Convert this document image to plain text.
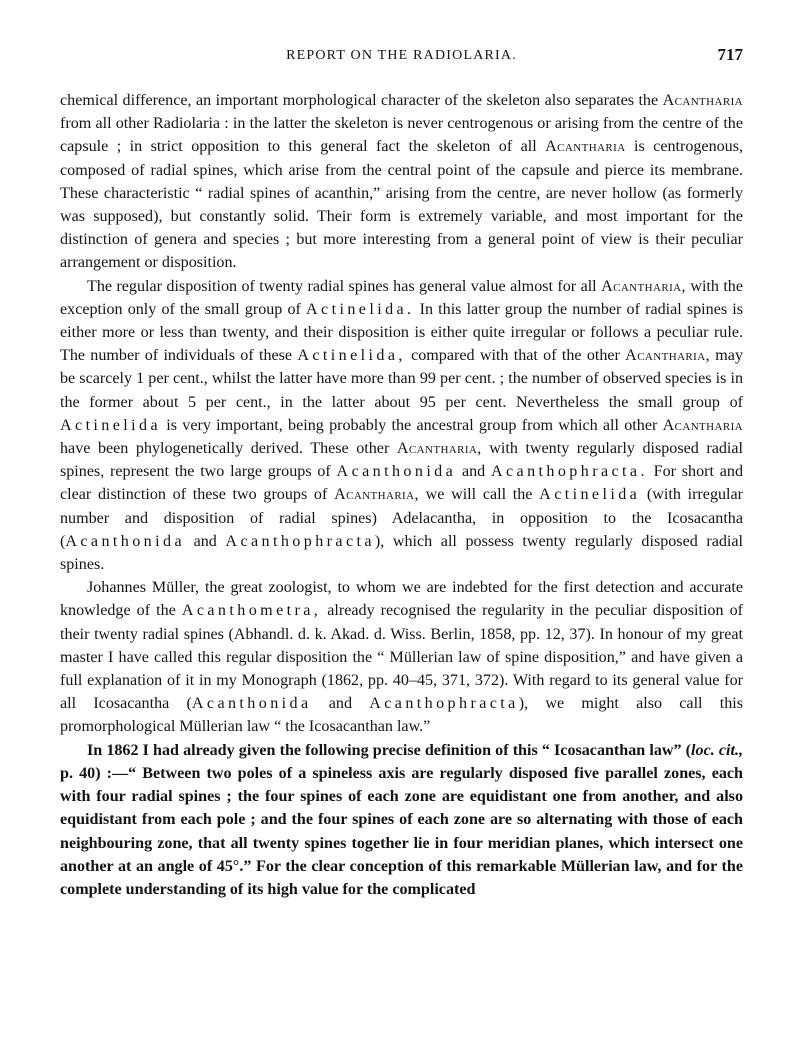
REPORT ON THE RADIOLARIA.	717

chemical difference, an important morphological character of the skeleton also separates the Acantharia from all other Radiolaria : in the latter the skeleton is never centrogenous or arising from the centre of the capsule ; in strict opposition to this general fact the skeleton of all Acantharia is centrogenous, composed of radial spines, which arise from the central point of the capsule and pierce its membrane. These characteristic “ radial spines of acanthin,” arising from the centre, are never hollow (as formerly was supposed), but constantly solid. Their form is extremely variable, and most important for the distinction of genera and species ; but more interesting from a general point of view is their peculiar arrangement or disposition.

The regular disposition of twenty radial spines has general value almost for all Acantharia, with the exception only of the small group of Actinelida. In this latter group the number of radial spines is either more or less than twenty, and their disposition is either quite irregular or follows a peculiar rule. The number of individuals of these Actinelida, compared with that of the other Acantharia, may be scarcely 1 per cent., whilst the latter have more than 99 per cent. ; the number of observed species is in the former about 5 per cent., in the latter about 95 per cent. Nevertheless the small group of Actinelida is very important, being probably the ancestral group from which all other Acantharia have been phylogenetically derived. These other Acantharia, with twenty regularly disposed radial spines, represent the two large groups of Acanthonida and Acanthophracta. For short and clear distinction of these two groups of Acantharia, we will call the Actinelida (with irregular number and disposition of radial spines) Adelacantha, in opposition to the Icosacantha (Acanthonida and Acanthophracta), which all possess twenty regularly disposed radial spines.

Johannes Müller, the great zoologist, to whom we are indebted for the first detection and accurate knowledge of the Acanthometra, already recognised the regularity in the peculiar disposition of their twenty radial spines (Abhandl. d. k. Akad. d. Wiss. Berlin, 1858, pp. 12, 37). In honour of my great master I have called this regular disposition the “ Müllerian law of spine disposition,” and have given a full explanation of it in my Monograph (1862, pp. 40–45, 371, 372). With regard to its general value for all Icosacantha (Acanthonida and Acanthophracta), we might also call this promorphological Müllerian law “ the Icosacanthan law.”

In 1862 I had already given the following precise definition of this “ Icosacanthan law” (loc. cit., p. 40) :—“ Between two poles of a spineless axis are regularly disposed five parallel zones, each with four radial spines ; the four spines of each zone are equidistant one from another, and also equidistant from each pole ; and the four spines of each zone are so alternating with those of each neighbouring zone, that all twenty spines together lie in four meridian planes, which intersect one another at an angle of 45°.” For the clear conception of this remarkable Müllerian law, and for the complete understanding of its high value for the complicated
